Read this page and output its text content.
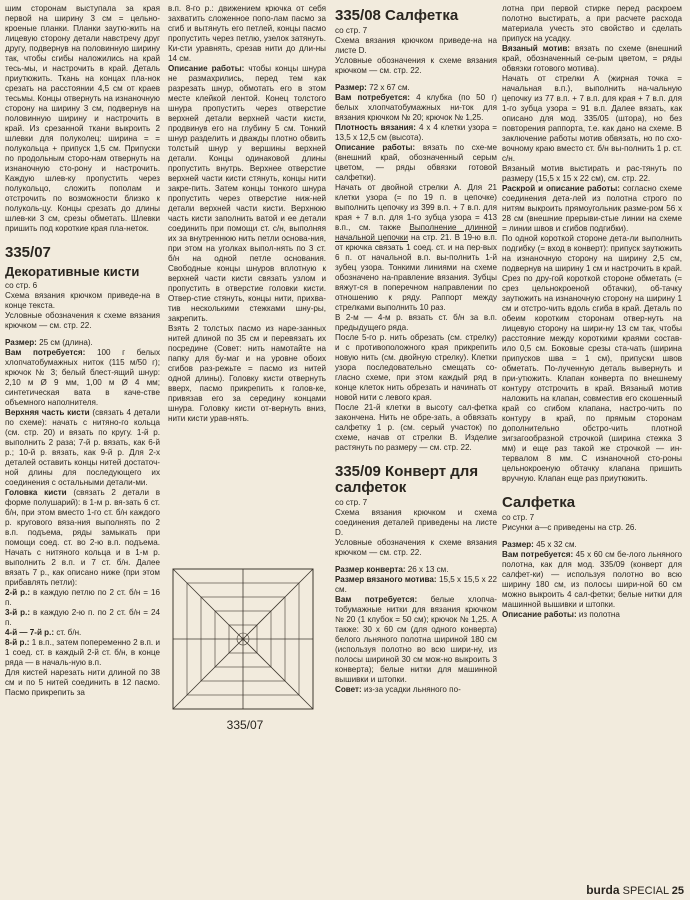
шим сторонам выступала за края первой на ширину 3 см = цельно-кроеные планки. Планки заутю-жить на лицевую сторону детали навстречу друг другу, подвернув на половинную ширину так, чтобы сгибы наложились на край тесь-мы, и настрочить в край. Деталь приутюжить. Ткань на концах пла-нок срезать на расстоянии 4,5 см от краев тесьмы. Концы отвернуть на изнаночную сторону на ширину 3 см, подвернув на половинную ширину и настрочить в край. Из срезанной ткани выкроить 2 шлевки для полуколец: ширина = = полукольца + припуск 1,5 см. Припуски по продольным сторо-нам отвернуть на изнаночную сто-рону и настрочить. Каждую шлев-ку пропустить через полукольцо, сложить пополам и отстрочить по возможности близко к полуколь-цу. Концы срезать до длины шлев-ки 3 см, срезы обметать. Шлевки пришить под короткие края пла-неток.

335/07
Декоративные кисти

со стр. 6

Схема вязания крючком приведе-на в конце текста.

Условные обозначения к схеме вязания крючком — см. стр. 22.

Размер: 25 см (длина).

Вам потребуется: 100 г белых хлопчатобумажных ниток (115 м/50 г); крючок № 3; белый блест-ящий шнур: 2,10 м Ø 9 мм, 1,00 м Ø 4 мм; синтетическая вата в каче-стве объемного наполнителя.

Верхняя часть кисти (связать 4 детали по схеме): начать с нитяно-го кольца (см. стр. 20) и вязать по кругу. 1-й р. выполнить 2 раза; 7-й р. вязать, как 6-й р.; 10-й р. вязать, как 9-й р. Для 2-х деталей оставить концы нитей достаточ-ной длины для последующего их соединения с остальными детали-ми.

Головка кисти (связать 2 детали в форме полушарий): в 1-м р. вя-зать 6 ст. б/н, при этом вместо 1-го ст. б/н каждого р. кругового вяза-ния выполнять по 2 в.п. подъема, ряды замыкать при помощи соед. ст. во 2-ю в.п. подъема. Начать с нитяного кольца и в 1-м р. выполнить 2 в.п. и 7 ст. б/н. Далее вязать 7 р., как описано ниже (при этом прибавлять петли):

2-й р.: в каждую петлю по 2 ст. б/н = 16 п.

3-й р.: в каждую 2-ю п. по 2 ст. б/н = 24 п.

4-й — 7-й р.: ст. б/н.

8-й р.: 1 в.п., затем попеременно 2 в.п. и 1 соед. ст. в каждый 2-й ст. б/н, в конце ряда — в началь-ную в.п.

Для кистей нарезать нити длиной по 38 см и по 5 нитей соединить в 12 пасмо. Пасмо прикрепить за

в.п. 8-го р.: движением крючка от себя захватить сложенное попо-лам пасмо за сгиб и вытянуть его петлей, концы пасмо пропустить через петлю, узелок затянуть. Ки-сти уравнять, срезав нити до дли-ны 14 см.

Описание работы: чтобы концы шнура не размахрились, перед тем как разрезать шнур, обмотать его в этом месте клейкой лентой. Конец толстого шнура пропустить через отверстие верхней детали верхней части кисти, продвинув его на глубину 5 см. Тонкий шнур разделить и дважды плотно обвить толстый шнур у вершины верхней детали. Концы одинаковой длины пропустить внутрь. Верхнее отверстие верхней части кисти стянуть, концы нити закре-пить. Затем концы тонкого шнура пропустить через отверстие ниж-ней детали верхней части кисти. Верхнюю часть кисти заполнить ватой и ее детали соединить при помощи ст. с/н, выполняя их за внутреннюю нить петли основа-ния, при этом на уголках выпол-нять по 3 ст. б/н на одной петле основания. Свободные концы шнуров вплотную к верхней части кисти связать узлом и пропустить в отверстие головки кисти. Отвер-стие стянуть, концы нити, прихва-тив несколькими стежками шну-ры, закрепить.

Взять 2 толстых пасмо из наре-занных нитей длиной по 35 см и перевязать их посредине (Совет: нить намотайте на папку для бу-маг и на уровне обоих сгибов раз-режьте = пасмо из нитей одной длины). Головку кисти отвернуть вверх, пасмо прикрепить к голов-ке, привязав его за середину концами шнура. Головку кисти от-вернуть вниз, нити кисти урав-нять.

335/07
335/08 Салфетка

со стр. 7

Схема вязания крючком приведе-на на листе D.

Условные обозначения к схеме вязания крючком — см. стр. 22.

Размер: 72 x 67 см.

Вам потребуется: 4 клубка (по 50 г) белых хлопчатобумажных ни-ток для вязания крючком № 20; крючок № 1,25.

Плотность вязания: 4 x 4 клетки узора = 13,5 x 12,5 см (высота).

Описание работы: вязать по схе-ме (внешний край, обозначенный серым цветом, — ряды обвязки готовой салфетки).

Начать от двойной стрелки А. Для 21 клетки узора (= по 19 п. в цепочке) выполнить цепочку из 399 в.п. + 7 в.п. для края + 7 в.п. для 1-го зубца узора = 413 в.п., см. также Выполнение длинной начальной цепочки на стр. 21. В 19-ю в.п. от крючка связать 1 соед. ст. и на пер-вых 6 п. от начальной в.п. вы-полнить 1-й зубец узора. Тонкими линиями на схеме обозначено на-правление вязания. Зубцы вяжут-ся в поперечном направлении по отношению к ряду. Раппорт между стрелками выполнить 10 раз.

В 2-м — 4-м р. вязать ст. б/н за в.п. предыдущего ряда.

После 5-го р. нить обрезать (см. стрелку) и с противоположного края прикрепить новую нить (см. двойную стрелку). Клетки узора последовательно смещать со-гласно схеме, при этом каждый ряд в конце клеток нить обрезать и начинать от новой нити с левого края.

После 21-й клетки в высоту сал-фетка закончена. Нить не обре-зать, а обвязать салфетку 1 р. (см. серый участок) по схеме, начав от стрелки В. Изделие растянуть по размеру — см. стр. 22.

335/09 Конверт для салфеток

со стр. 7

Схема вязания крючком и схема соединения деталей приведены на листе D.

Условные обозначения к схеме вязания крючком — см. стр. 22.

Размер конверта: 26 x 13 см.

Размер вязаного мотива: 15,5 x 15,5 x 22 см.

Вам потребуется: белые хлопча-тобумажные нитки для вязания крючком № 20 (1 клубок = 50 см); крючок № 1,25. А также: 30 x 60 см (для одного конверта) белого льняного полотна шириной 180 см (используя полотно во всю шири-ну, из полосы шириной 30 см мож-но выкроить 3 конверта); белые нитки для машинной вышивки и штопки.

Совет: из-за усадки льняного по-

лотна при первой стирке перед раскроем полотно выстирать, а при расчете расхода материала учесть это свойство и сделать припуск на усадку.

Вязаный мотив: вязать по схеме (внешний край, обозначенный се-рым цветом, = ряды обвязки готового мотива).

Начать от стрелки А (жирная точка = начальная в.п.), выполнить на-чальную цепочку из 77 в.п. + 7 в.п. для края + 7 в.п. для 1-го зубца узора = 91 в.п. Далее вязать, как описано для мод. 335/05 (штора), но без повторения раппорта, т.е. как дано на схеме. В заключение работы мотив обвязать, но по схо-вочному краю вместо ст. б/н вы-полнить 1 р. ст. с/н.

Вязаный мотив выстирать и рас-тянуть по размеру (15,5 x 15 x 22 см), см. стр. 22.

Раскрой и описание работы: согласно схеме соединения дета-лей из полотна строго по нитям выкроить прямоугольник разме-ром 56 x 28 см (внешние прерыви-стые линии на схеме = линии швов и сгибов подгибки).

По одной короткой стороне дета-ли выполнить подгибку (= вход в конверт): припуск заутюжить на изнаночную сторону на ширину 2,5 см, подвернув на ширину 1 см и настрочить в край. Срез по дру-гой короткой стороне обметать (= срез цельнокроеной обтачки), об-тачку заутюжить на изнаночную сторону на ширину 1 см и отстро-чить вдоль сгиба в край. Деталь по обеим коротким сторонам отвер-нуть на лицевую сторону на шири-ну 13 см так, чтобы расстояние между короткими краями состав-ило 0,5 см. Боковые срезы ста-чать (ширина припусков шва = 1 см), припуски швов обметать. По-лученную деталь вывернуть и при-утюжить. Клапан конверта по внешнему контуру отстрочить в край. Вязаный мотив наложить на клапан, совместив его скошенный край со сгибом клапана, настро-чить по контуру в край, по прямым сторонам дополнительно обстро-чить плотной зигзагообразной строчкой (ширина стежка 3 мм) и еще раз такой же строчкой — ин-тервалом 8 мм. С изнаночной сто-роны цельнокроеную обтачку клапана пришить вручную. Клапан еще раз приутюжить.

Салфетка

со стр. 7

Рисунки а—с приведены на стр. 26.

Размер: 45 x 32 см.

Вам потребуется: 45 x 60 см бе-лого льняного полотна, как для мод. 335/09 (конверт для салфет-ки) — используя полотно во всю ширину 180 см, из полосы шири-ной 60 см можно выкроить 4 сал-фетки; белые нитки для машинной вышивки и штопки.

Описание работы: из полотна

burda SPECIAL 25
